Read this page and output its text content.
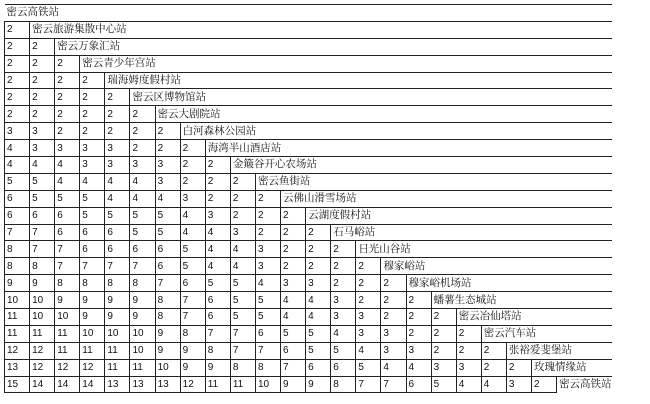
密云高铁站																						
2	密云旅游集散中心站																					
2	2	密云万象汇站																				
2	2	2	密云青少年宫站																			
2	2	2	2	瑞海姆度假村站																		
2	2	2	2	2	密云区博物馆站																	
2	2	2	2	2	2	密云大剧院站																
3	3	2	2	2	2	2	白河森林公园站															
4	3	3	3	3	2	2	2	海湾半山酒店站														
4	4	4	3	3	3	3	2	2	金簸谷开心农场站													
5	5	4	4	4	4	3	2	2	2	密云鱼街站												
6	5	5	5	4	4	4	3	2	2	2	云佛山滑雪场站											
6	6	6	5	5	5	5	4	3	2	2	2	云湖度假村站										
7	7	6	6	6	5	5	4	4	3	2	2	2	石马峪站									
8	7	7	6	6	6	6	5	4	4	3	2	2	2	日光山谷站								
8	8	7	7	7	7	6	5	4	4	3	2	2	2	2	穆家峪站							
9	9	8	8	8	8	7	6	5	5	4	3	3	2	2	2	穆家峪机场站						
10	10	9	9	9	9	8	7	6	5	5	4	4	3	2	2	2	蟠薯生态城站					
11	10	10	9	9	9	8	7	6	5	5	4	4	3	3	2	2	2	密云冶仙塔站				
11	11	11	10	10	10	9	8	7	7	6	5	5	4	3	3	2	2	2	密云汽车站			
12	12	11	11	11	10	9	9	8	7	7	6	5	5	4	3	3	2	2	2	张裕爱斐堡站		
13	12	12	12	11	11	10	9	9	8	8	7	6	6	5	4	4	3	3	2	2	玫瑰情缘站	
15	14	14	14	13	13	13	12	11	11	10	9	9	8	7	7	6	5	4	4	3	2	密云高铁站
